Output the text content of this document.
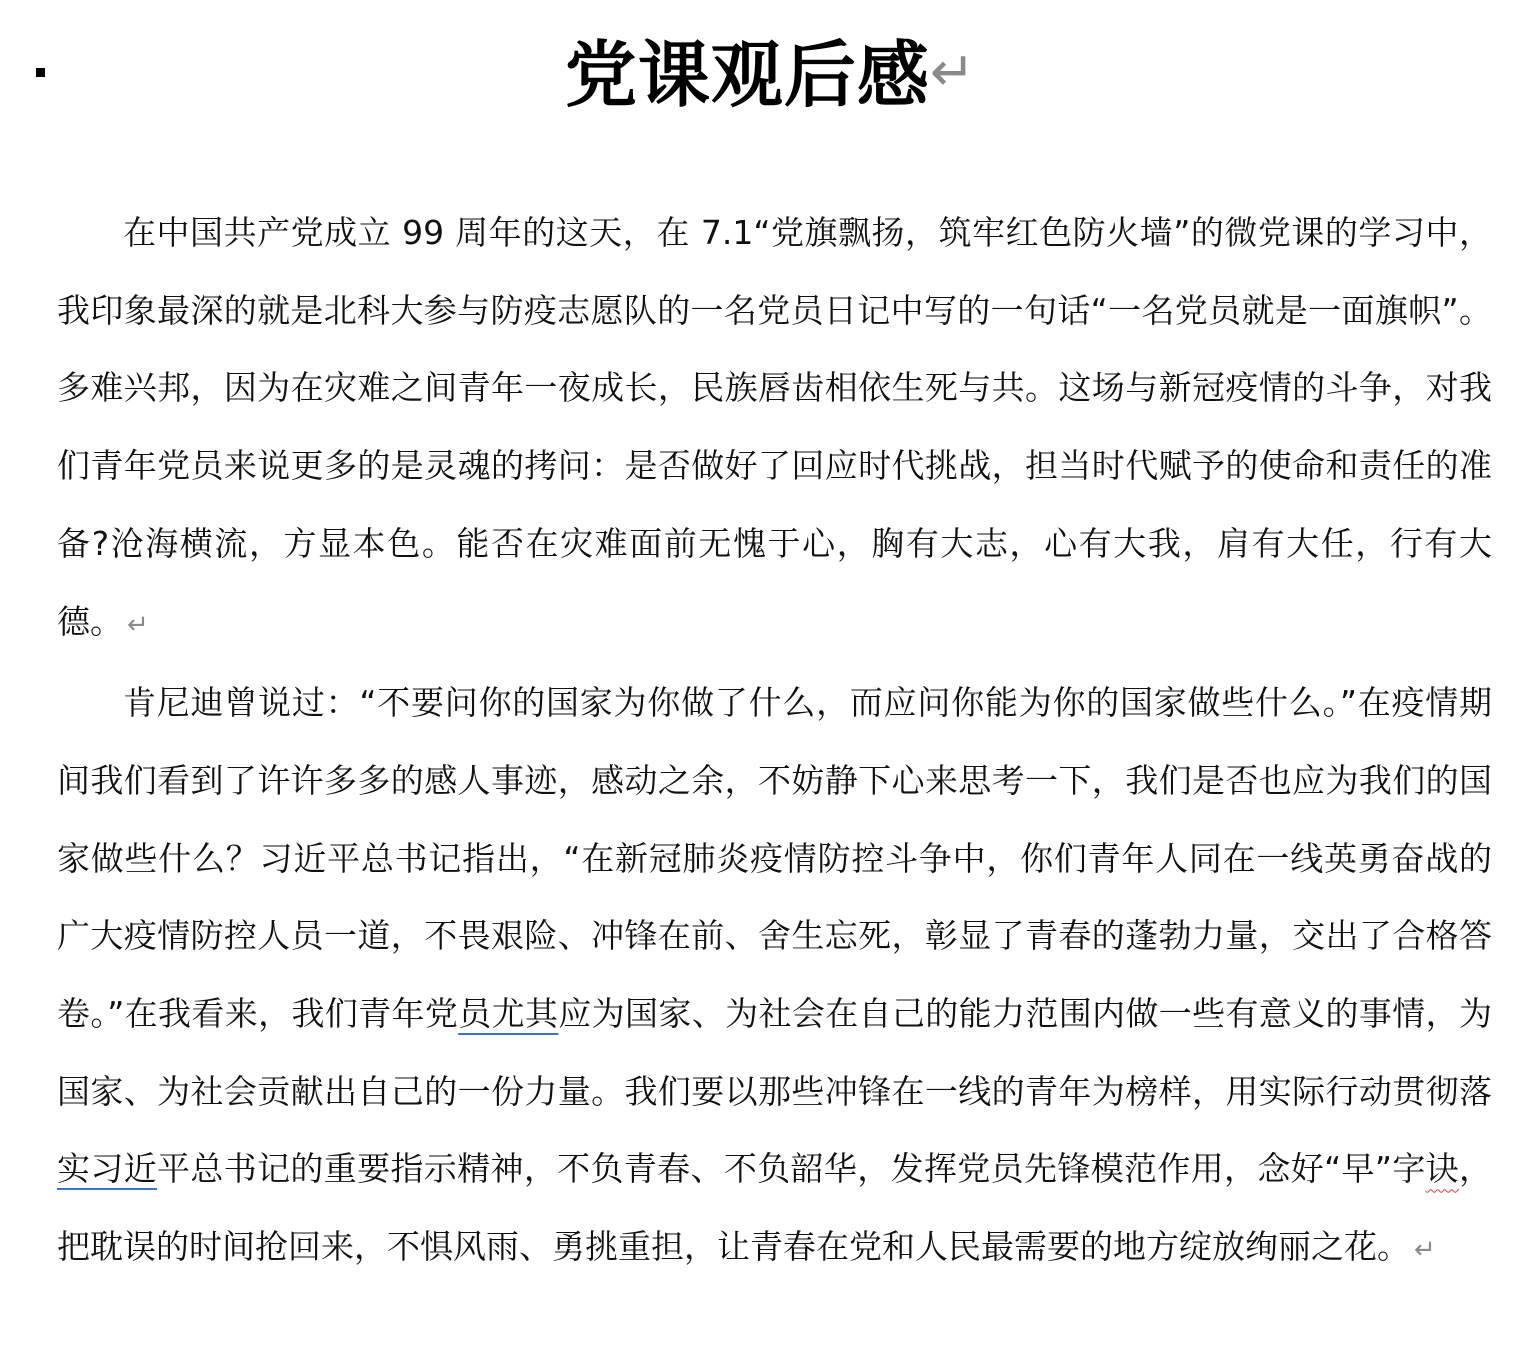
党课观后感↵

在中国共产党成立 99 周年的这天，在 7.1“党旗飘扬，筑牢红色防火墙”的微党课的学习中，我印象最深的就是北科大参与防疫志愿队的一名党员日记中写的一句话“一名党员就是一面旗帜”。多难兴邦，因为在灾难之间青年一夜成长，民族唇齿相依生死与共。这场与新冠疫情的斗争，对我们青年党员来说更多的是灵魂的拷问：是否做好了回应时代挑战，担当时代赋予的使命和责任的准备?沧海横流，方显本色。能否在灾难面前无愧于心，胸有大志，心有大我，肩有大任，行有大德。 ↵

肯尼迪曾说过：“不要问你的国家为你做了什么，而应问你能为你的国家做些什么。”在疫情期间我们看到了许许多多的感人事迹，感动之余，不妨静下心来思考一下，我们是否也应为我们的国家做些什么？习近平总书记指出，“在新冠肺炎疫情防控斗争中，你们青年人同在一线英勇奋战的广大疫情防控人员一道，不畏艰险、冲锋在前、舍生忘死，彰显了青春的蓬勃力量，交出了合格答卷。”在我看来，我们青年党员尤其应为国家、为社会在自己的能力范围内做一些有意义的事情，为国家、为社会贡献出自己的一份力量。我们要以那些冲锋在一线的青年为榜样，用实际行动贯彻落实习近平总书记的重要指示精神，不负青春、不负韶华，发挥党员先锋模范作用，念好“早”字诀，把耽误的时间抢回来，不惧风雨、勇挑重担，让青春在党和人民最需要的地方绽放绚丽之花。 ↵
